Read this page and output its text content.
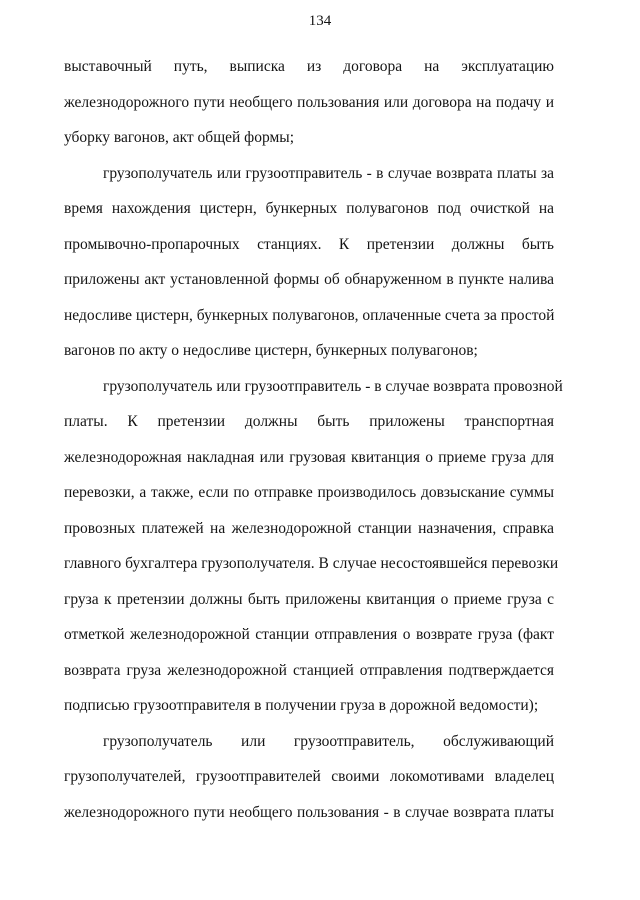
134

выставочный путь, выписка из договора на эксплуатацию
железнодорожного пути необщего пользования или договора на подачу и
уборку вагонов, акт общей формы;

грузополучатель или грузоотправитель - в случае возврата платы за
время нахождения цистерн, бункерных полувагонов под очисткой на
промывочно-пропарочных станциях. К претензии должны быть
приложены акт установленной формы об обнаруженном в пункте налива
недосливе цистерн, бункерных полувагонов, оплаченные счета за простой
вагонов по акту о недосливе цистерн, бункерных полувагонов;

грузополучатель или грузоотправитель - в случае возврата провозной
платы. К претензии должны быть приложены транспортная
железнодорожная накладная или грузовая квитанция о приеме груза для
перевозки, а также, если по отправке производилось довзыскание суммы
провозных платежей на железнодорожной станции назначения, справка
главного бухгалтера грузополучателя. В случае несостоявшейся перевозки
груза к претензии должны быть приложены квитанция о приеме груза с
отметкой железнодорожной станции отправления о возврате груза (факт
возврата груза железнодорожной станцией отправления подтверждается
подписью грузоотправителя в получении груза в дорожной ведомости);

грузополучатель или грузоотправитель, обслуживающий
грузополучателей, грузоотправителей своими локомотивами владелец
железнодорожного пути необщего пользования - в случае возврата платы
